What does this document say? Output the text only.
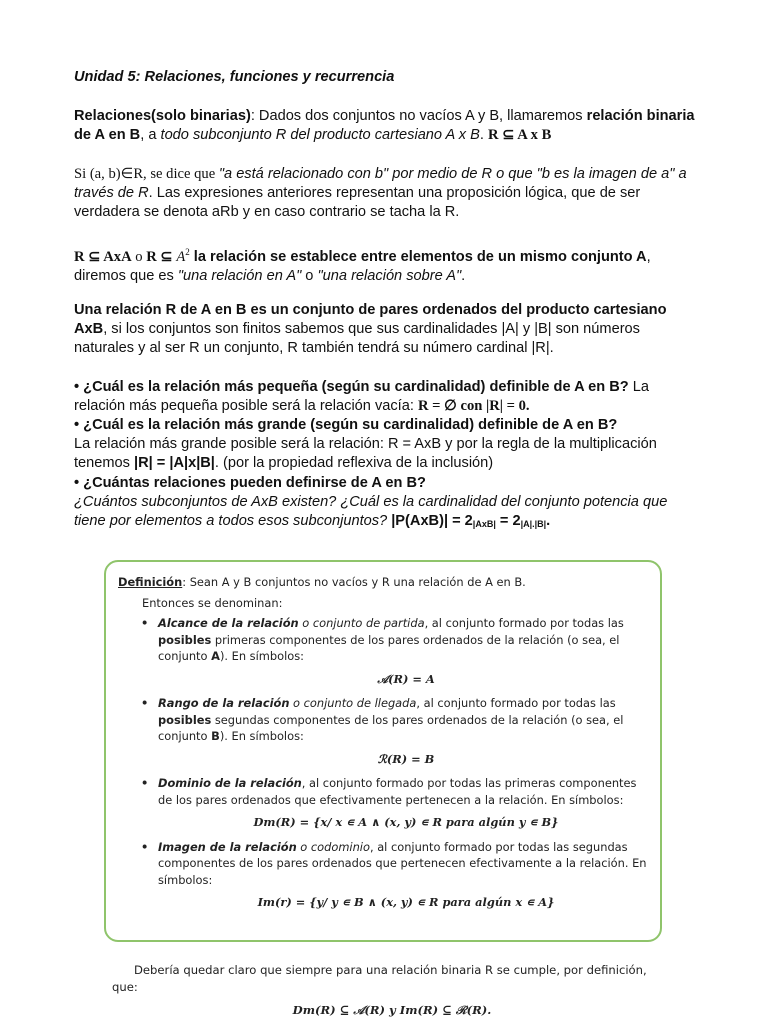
Unidad 5: Relaciones, funciones y recurrencia

Relaciones(solo binarias): Dados dos conjuntos no vacíos A y B, llamaremos relación binaria de A en B, a todo subconjunto R del producto cartesiano A x B. R ⊆ A x B

Si (a, b)∈R, se dice que "a está relacionado con b" por medio de R o que "b es la imagen de a" a través de R. Las expresiones anteriores representan una proposición lógica, que de ser verdadera se denota aRb y en caso contrario se tacha la R.

R ⊆ AxA o R ⊆ $A^2$ la relación se establece entre elementos de un mismo conjunto A, diremos que es "una relación en A" o "una relación sobre A".

Una relación R de A en B es un conjunto de pares ordenados del producto cartesiano AxB, si los conjuntos son finitos sabemos que sus cardinalidades |A| y |B| son números naturales y al ser R un conjunto, R también tendrá su número cardinal |R|.

• ¿Cuál es la relación más pequeña (según su cardinalidad) definible de A en B? La relación más pequeña posible será la relación vacía: R = ∅ con |R| = 0.

• ¿Cuál es la relación más grande (según su cardinalidad) definible de A en B?
La relación más grande posible será la relación: R = AxB y por la regla de la multiplicación tenemos |R| = |A|x|B|. (por la propiedad reflexiva de la inclusión)

• ¿Cuántas relaciones pueden definirse de A en B?
¿Cuántos subconjuntos de AxB existen? ¿Cuál es la cardinalidad del conjunto potencia que tiene por elementos a todos esos subconjuntos? $|P(AxB)| = 2_{|AxB|} = 2_{|A|.|B|}$.

Definición: Sean A y B conjuntos no vacíos y R una relación de A en B.

Entonces se denominan:

• Alcance de la relación o conjunto de partida, al conjunto formado por todas las posibles primeras componentes de los pares ordenados de la relación (o sea, el conjunto A). En símbolos:
𝒜(R) = A
• Rango de la relación o conjunto de llegada, al conjunto formado por todas las posibles segundas componentes de los pares ordenados de la relación (o sea, el conjunto B). En símbolos:
ℛ(R) = B
• Dominio de la relación, al conjunto formado por todas las primeras componentes de los pares ordenados que efectivamente pertenecen a la relación. En símbolos:
Dm(R) = {x/ x ∊ A ∧ (x, y) ∊ R para algún y ∊ B}
• Imagen de la relación o codominio, al conjunto formado por todas las segundas componentes de los pares ordenados que pertenecen efectivamente a la relación. En símbolos:
Im(r) = {y/ y ∊ B ∧ (x, y) ∊ R para algún x ∊ A}

Debería quedar claro que siempre para una relación binaria R se cumple, por definición, que:

Dm(R) ⊆ 𝒜(R) y Im(R) ⊆ ℛ(R).
